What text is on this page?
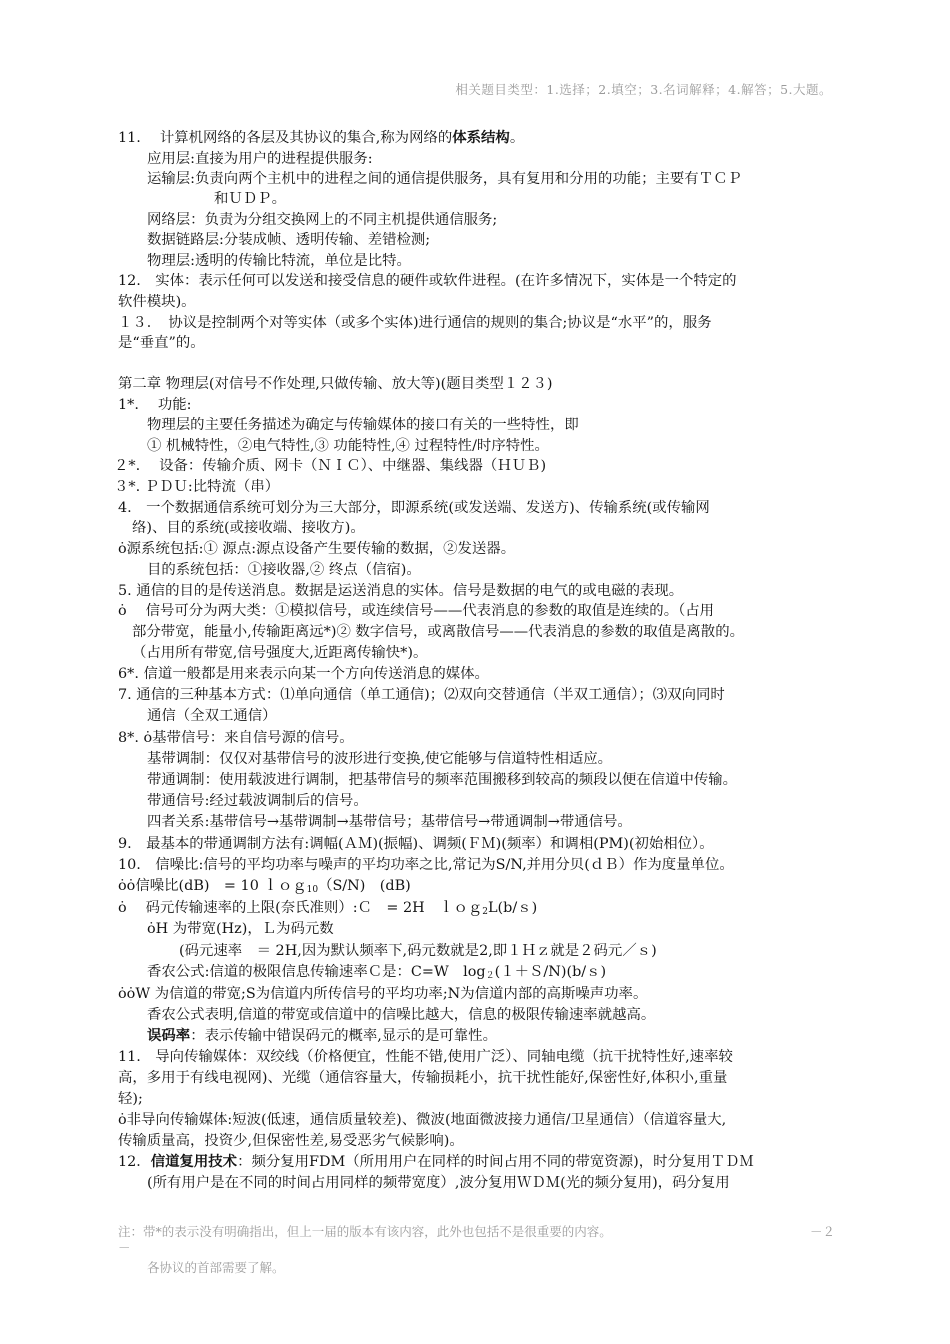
相关题目类型：1.选择；2.填空；3.名词解释；4.解答；5.大题。
11.　 计算机网络的各层及其协议的集合,称为网络的体系结构。
应用层:直接为用户的进程提供服务:
运输层:负责向两个主机中的进程之间的通信提供服务，具有复用和分用的功能；主要有ＴＣＰ
和ＵＤＰ。
网络层：负责为分组交换网上的不同主机提供通信服务;
数据链路层:分装成帧、透明传输、差错检测;
物理层:透明的传输比特流，单位是比特。
12.　实体：表示任何可以发送和接受信息的硬件或软件进程。(在许多情况下，实体是一个特定的
软件模块)。
１３．　协议是控制两个对等实体（或多个实体)进行通信的规则的集合;协议是“水平”的，服务
是“垂直”的。
第二章 物理层(对信号不作处理,只做传输、放大等)(题目类型１２３)
1*.　 功能:
物理层的主要任务描述为确定与传输媒体的接口有关的一些特性，即
① 机械特性，②电气特性,③ 功能特性,④ 过程特性/时序特性。
２*.　 设备：传输介质、网卡（ＮＩＣ）、中继器、集线器（ＨＵＢ)
３*. ＰＤＵ:比特流（串）
4.　一个数据通信系统可划分为三大部分，即源系统(或发送端、发送方)、传输系统(或传输网
络)、目的系统(或接收端、接收方)。
ȯ源系统包括:① 源点:源点设备产生要传输的数据，②发送器。
目的系统包括：①接收器,② 终点（信宿)。
5. 通信的目的是传送消息。数据是运送消息的实体。信号是数据的电气的或电磁的表现。
ȯ　 信号可分为两大类：①模拟信号，或连续信号——代表消息的参数的取值是连续的。（占用
部分带宽，能量小,传输距离远*)② 数字信号，或离散信号——代表消息的参数的取值是离散的。
（占用所有带宽,信号强度大,近距离传输快*)。
6*. 信道一般都是用来表示向某一个方向传送消息的媒体。
7. 通信的三种基本方式：⑴单向通信（单工通信)；⑵双向交替通信（半双工通信）；⑶双向同时
通信（全双工通信）
8*. ȯ基带信号：来自信号源的信号。
基带调制：仅仅对基带信号的波形进行变换,使它能够与信道特性相适应。
带通调制：使用载波进行调制，把基带信号的频率范围搬移到较高的频段以便在信道中传输。
带通信号:经过载波调制后的信号。
四者关系:基带信号→基带调制→基带信号；基带信号→带通调制→带通信号。
9.　最基本的带通调制方法有:调幅(ＡＭ)(振幅)、调频(ＦＭ)(频率）和调相(PM)(初始相位）。
10.　信噪比:信号的平均功率与噪声的平均功率之比,常记为S/N,并用分贝(ｄＢ）作为度量单位。
ȯȯ信噪比(dB)　= 10 ｌｏｇ$_{10}$（S/N)　(dB)
ȯ　 码元传输速率的上限(奈氏准则）:Ｃ　= 2H　ｌｏｇ$_2$L(b/ｓ)
ȯH 为带宽(Hz)，Ｌ为码元数
(码元速率　＝ 2H,因为默认频率下,码元数就是2,即１Ｈｚ就是２码元／ｓ)
香农公式:信道的极限信息传输速率Ｃ是：C=W　$\log_2(1+S/N)(b/s)$
ȯȯW 为信道的带宽;S为信道内所传信号的平均功率;N为信道内部的高斯噪声功率。
香农公式表明,信道的带宽或信道中的信噪比越大，信息的极限传输速率就越高。
误码率：表示传输中错误码元的概率,显示的是可靠性。
11.　导向传输媒体：双绞线（价格便宜，性能不错,使用广泛）、同轴电缆（抗干扰特性好,速率较
高，多用于有线电视网)、光缆（通信容量大，传输损耗小，抗干扰性能好,保密性好,体积小,重量
轻);
ȯ非导向传输媒体:短波(低速，通信质量较差)、微波(地面微波接力通信/卫星通信）（信道容量大,
传输质量高，投资少,但保密性差,易受恶劣气候影响)。
12．信道复用技术：频分复用FDM（所用用户在同样的时间占用不同的带宽资源)，时分复用ＴＤＭ
(所有用户是在不同的时间占用同样的频带宽度）,波分复用ＷＤＭ(光的频分复用)，码分复用
注：带*的表示没有明确指出，但上一届的版本有该内容，此外也包括不是很重要的内容。	－２
－
各协议的首部需要了解。
